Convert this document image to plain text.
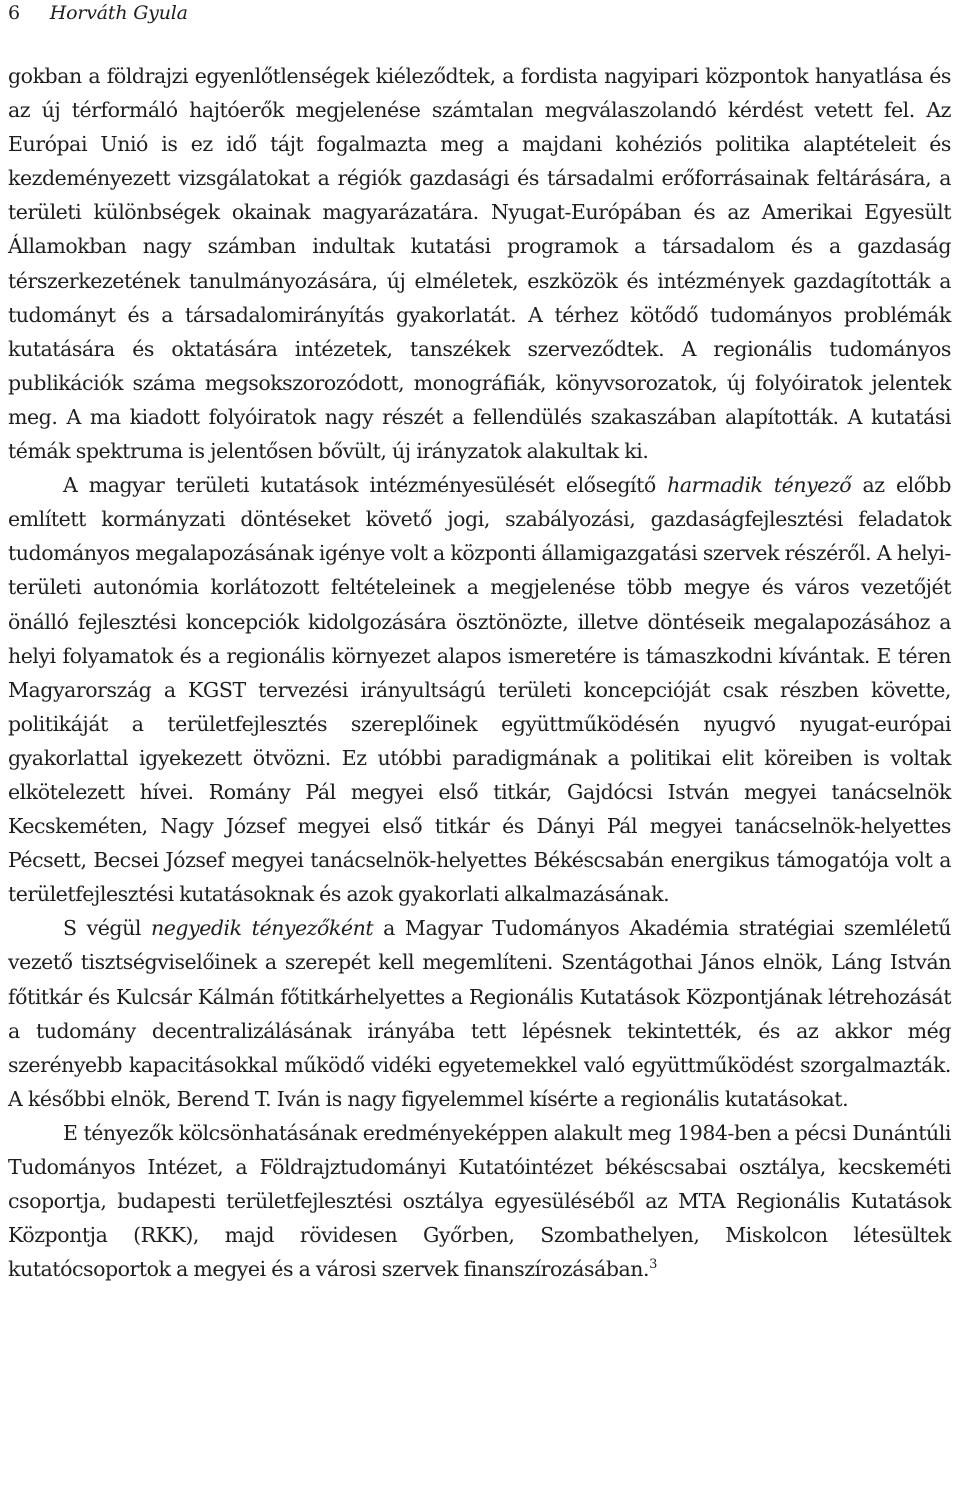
6 Horváth Gyula

gokban a földrajzi egyenlőtlenségek kiéleződtek, a fordista nagyipari központok hanyatlása és az új térformáló hajtóerők megjelenése számtalan megválaszolandó kérdést vetett fel. Az Európai Unió is ez idő tájt fogalmazta meg a majdani kohéziós politika alaptételeit és kezdeményezett vizsgálatokat a régiók gazdasági és társadalmi erőforrásainak feltárására, a területi különbségek okainak magyarázatára. Nyugat-Európában és az Amerikai Egyesült Államokban nagy számban indultak kutatási programok a társadalom és a gazdaság térszerkezetének tanulmányozására, új elméletek, eszközök és intézmények gazdagították a tudományt és a társadalomirányítás gyakorlatát. A térhez kötődő tudományos problémák kutatására és oktatására intézetek, tanszékek szerveződtek. A regionális tudományos publikációk száma megsokszorozódott, monográfiák, könyvsorozatok, új folyóiratok jelentek meg. A ma kiadott folyóiratok nagy részét a fellendülés szakaszában alapították. A kutatási témák spektruma is jelentősen bővült, új irányzatok alakultak ki.

A magyar területi kutatások intézményesülését elősegítő harmadik tényező az előbb említett kormányzati döntéseket követő jogi, szabályozási, gazdaságfejlesztési feladatok tudományos megalapozásának igénye volt a központi államigazgatási szervek részéről. A helyi-területi autonómia korlátozott feltételeinek a megjelenése több megye és város vezetőjét önálló fejlesztési koncepciók kidolgozására ösztönözte, illetve döntéseik megalapozásához a helyi folyamatok és a regionális környezet alapos ismeretére is támaszkodni kívántak. E téren Magyarország a KGST tervezési irányultságú területi koncepcióját csak részben követte, politikáját a területfejlesztés szereplőinek együttműködésén nyugvó nyugat-európai gyakorlattal igyekezett ötvözni. Ez utóbbi paradigmának a politikai elit köreiben is voltak elkötelezett hívei. Romány Pál megyei első titkár, Gajdócsi István megyei tanácselnök Kecskeméten, Nagy József megyei első titkár és Dányi Pál megyei tanácselnök-helyettes Pécsett, Becsei József megyei tanácselnök-helyettes Békéscsabán energikus támogatója volt a területfejlesztési kutatásoknak és azok gyakorlati alkalmazásának.

S végül negyedik tényezőként a Magyar Tudományos Akadémia stratégiai szemléletű vezető tisztségviselőinek a szerepét kell megemlíteni. Szentágothai János elnök, Láng István főtitkár és Kulcsár Kálmán főtitkárhelyettes a Regionális Kutatások Központjának létrehozását a tudomány decentralizálásának irányába tett lépésnek tekintették, és az akkor még szerényebb kapacitásokkal működő vidéki egyetemekkel való együttműködést szorgalmazták. A későbbi elnök, Berend T. Iván is nagy figyelemmel kísérte a regionális kutatásokat.

E tényezők kölcsönhatásának eredményeképpen alakult meg 1984-ben a pécsi Dunántúli Tudományos Intézet, a Földrajztudományi Kutatóintézet békéscsabai osztálya, kecskeméti csoportja, budapesti területfejlesztési osztálya egyesüléséből az MTA Regionális Kutatások Központja (RKK), majd rövidesen Győrben, Szombathelyen, Miskolcon létesültek kutatócsoportok a megyei és a városi szervek finanszírozásában.$^3$
